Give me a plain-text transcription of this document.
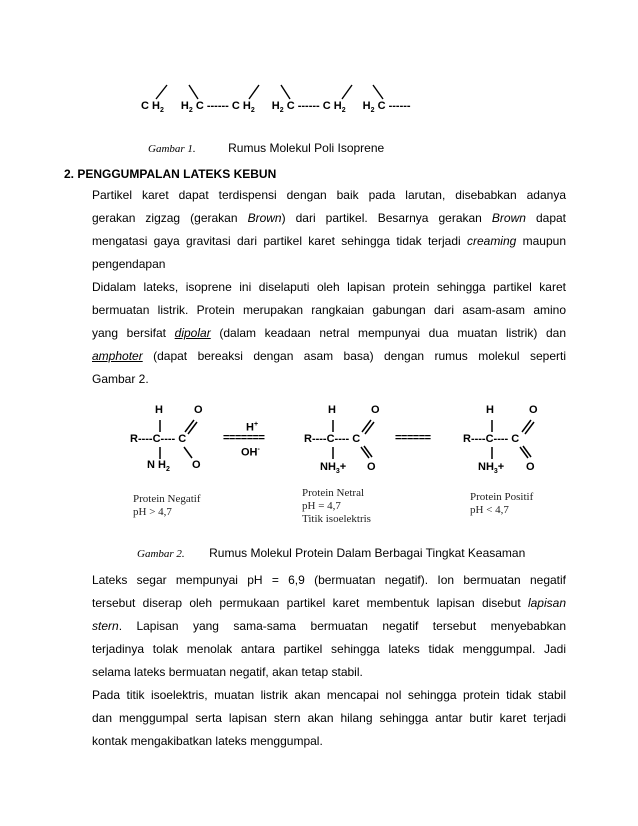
C $H_2$ $H_2$ C ------ C $H_2$ $H_2$ C ------ C $H_2$ $H_2$ C ------
Gambar 1.	Rumus Molekul Poli Isoprene
2. PENGGUMPALAN LATEKS KEBUN
Partikel karet dapat terdispensi dengan baik pada larutan, disebabkan adanya
gerakan zigzag (gerakan Brown) dari partikel. Besarnya gerakan Brown dapat
mengatasi gaya gravitasi dari partikel karet sehingga tidak terjadi creaming maupun
pengendapan
Didalam lateks, isoprene ini diselaputi oleh lapisan protein sehingga partikel karet
bermuatan listrik. Protein merupakan rangkaian gabungan dari asam-asam amino
yang bersifat dipolar (dalam keadaan netral mempunyai dua muatan listrik) dan
amphoter (dapat bereaksi dengan asam basa) dengan rumus molekul seperti
Gambar 2.
H	O
R----C---- C
N $H_2$ O
H+
=======
OH-
H	O
R----C---- C
$NH_3+ O$
======
H	O
R----C---- C
$NH_3+ O$
Protein Negatif
pH > 4,7
Protein Netral
pH = 4,7
Titik isoelektris
Protein Positif
pH < 4,7
Gambar 2. Rumus Molekul Protein Dalam Berbagai Tingkat Keasaman
Lateks segar mempunyai pH = 6,9 (bermuatan negatif). Ion bermuatan negatif
tersebut diserap oleh permukaan partikel karet membentuk lapisan disebut lapisan
stern. Lapisan yang sama-sama bermuatan negatif tersebut menyebabkan
terjadinya tolak menolak antara partikel sehingga lateks tidak menggumpal. Jadi
selama lateks bermuatan negatif, akan tetap stabil.
Pada titik isoelektris, muatan listrik akan mencapai nol sehingga protein tidak stabil
dan menggumpal serta lapisan stern akan hilang sehingga antar butir karet terjadi
kontak mengakibatkan lateks menggumpal.
